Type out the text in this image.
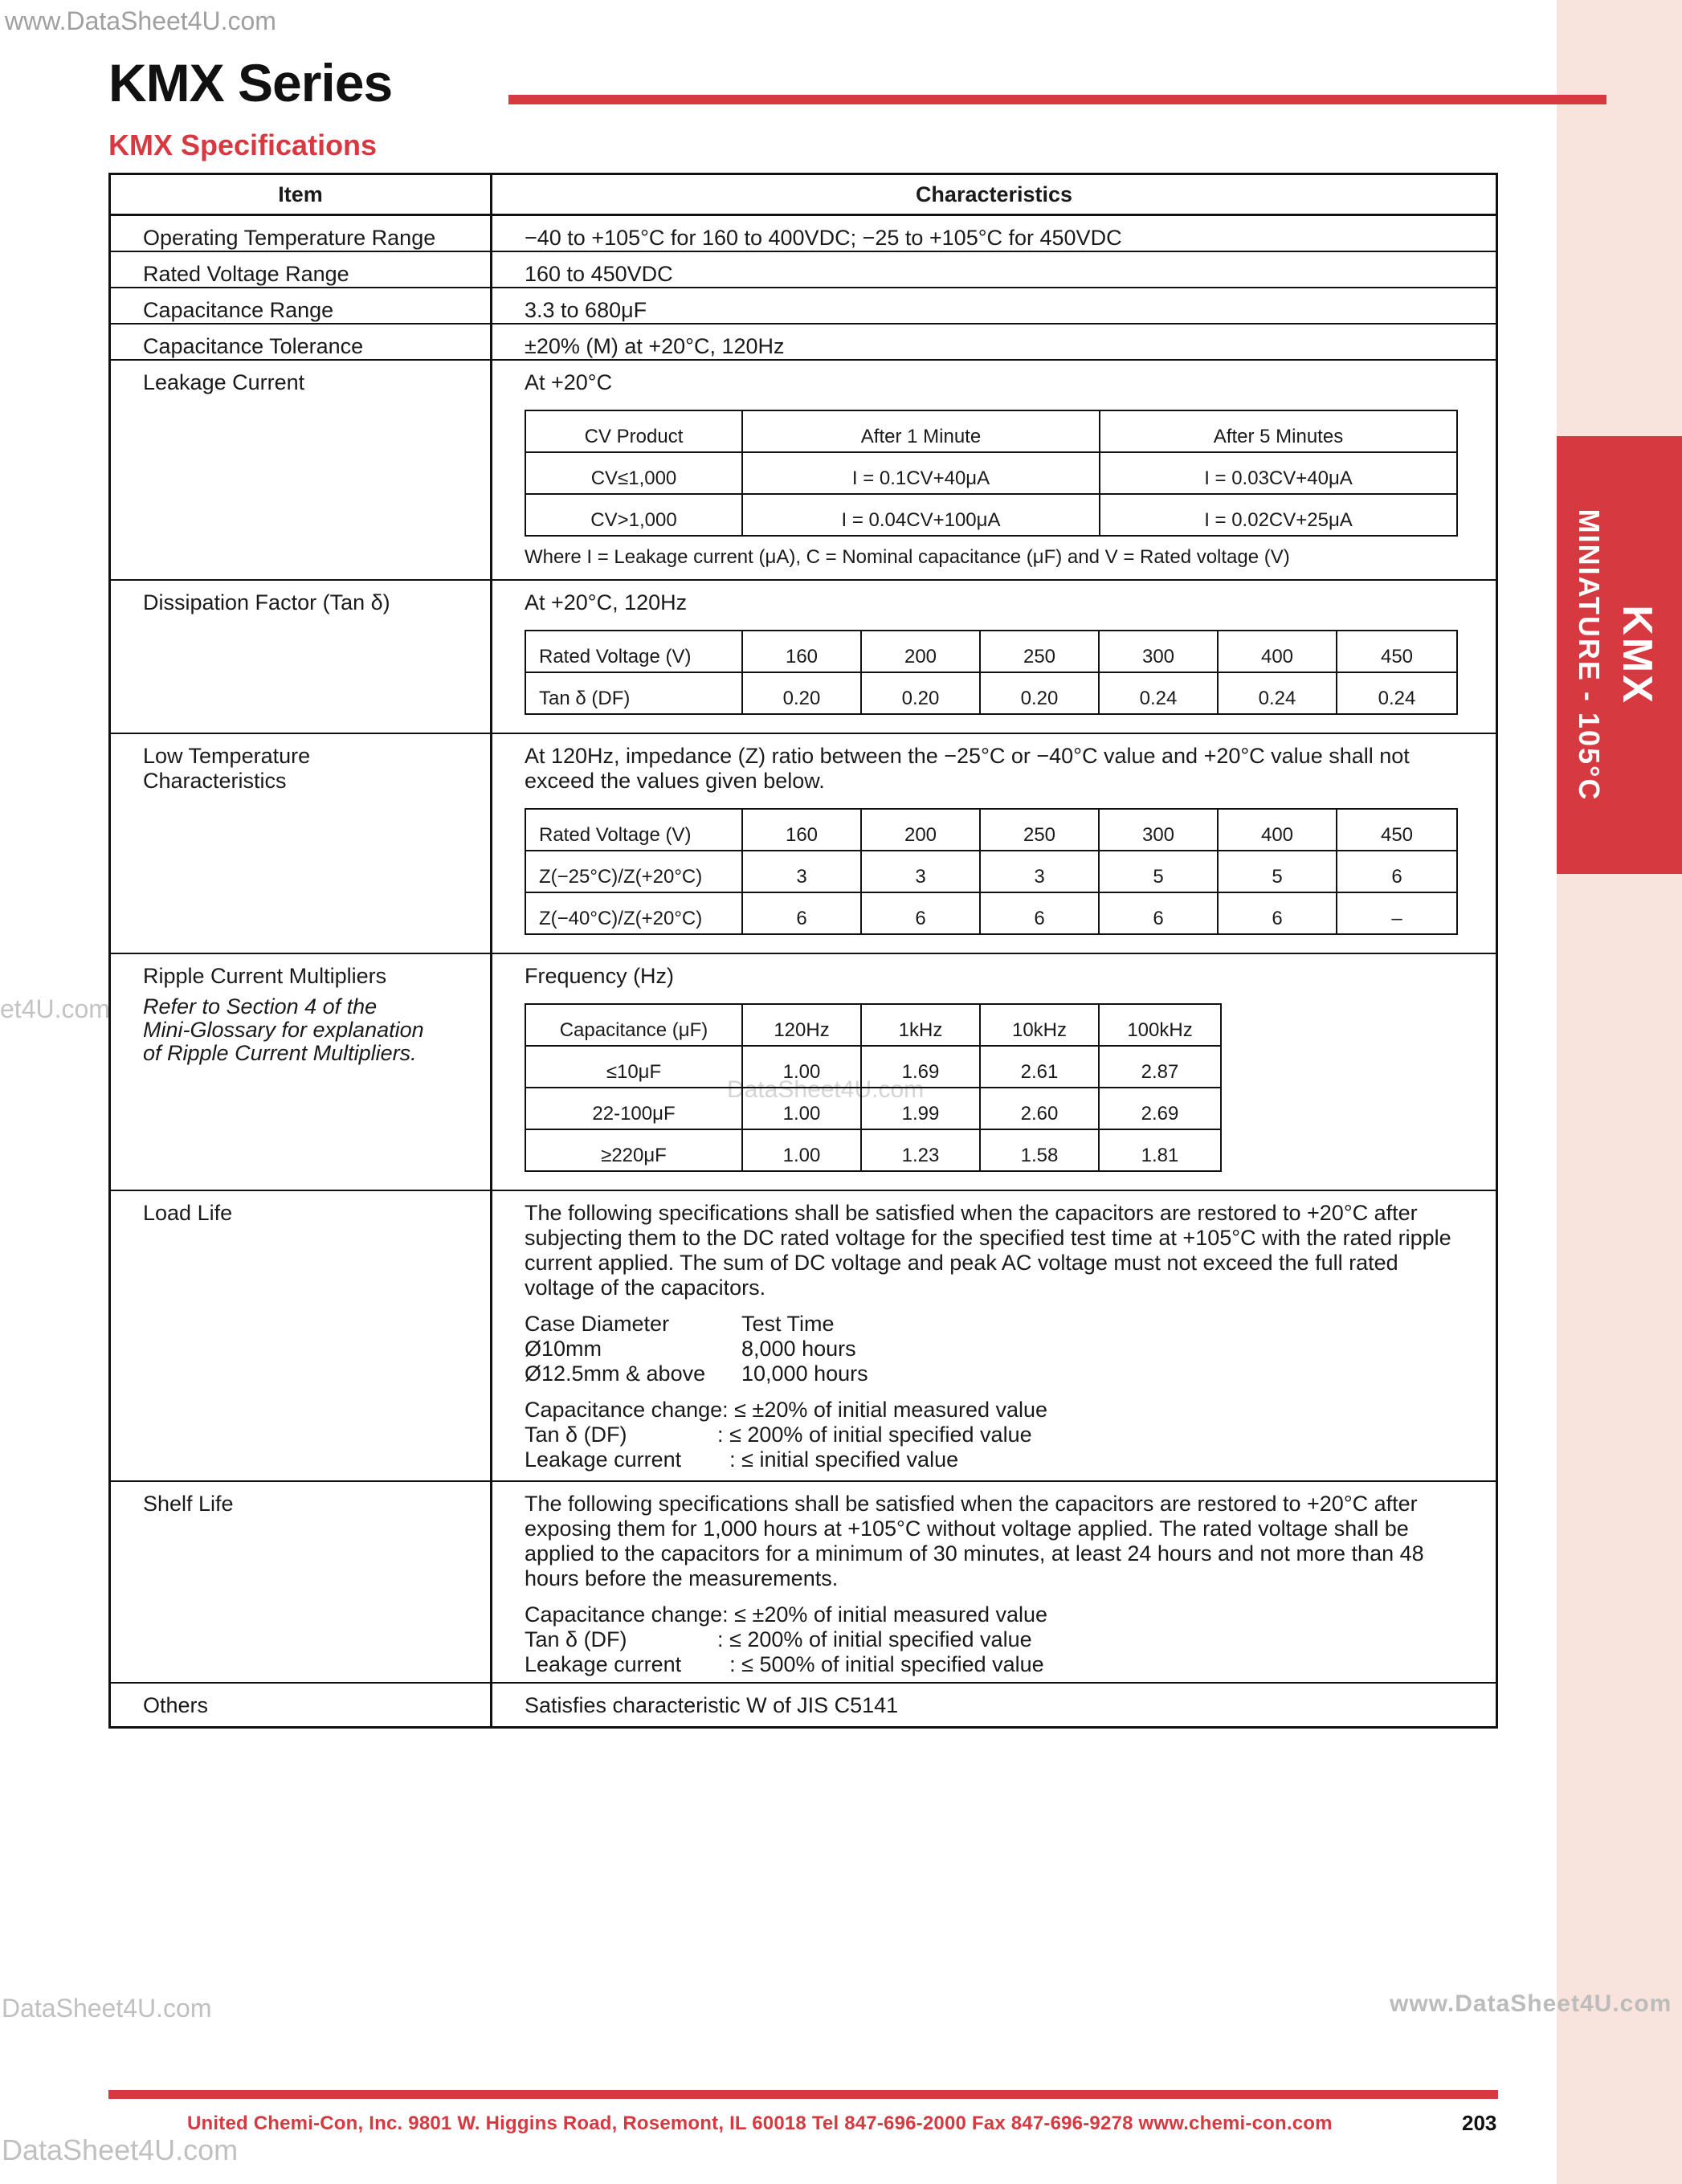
KMX
MINIATURE - 105°C
www.DataSheet4U.com
et4U.com
DataSheet4U.com
DataSheet4U.com	www.DataSheet4U.com
DataSheet4U.com
KMX Series
KMX Specifications
Item	Characteristics
Operating Temperature Range	−40 to +105°C for 160 to 400VDC; −25 to +105°C for 450VDC
Rated Voltage Range	160 to 450VDC
Capacitance Range	3.3 to 680μF
Capacitance Tolerance	±20% (M) at +20°C, 120Hz
Leakage Current	At +20°C
CV Product	After 1 Minute	After 5 Minutes
CV≤1,000	I = 0.1CV+40μA	I = 0.03CV+40μA
CV>1,000	I = 0.04CV+100μA	I = 0.02CV+25μA
Where I = Leakage current (μA), C = Nominal capacitance (μF) and V = Rated voltage (V)

Dissipation Factor (Tan δ)	At +20°C, 120Hz
Rated Voltage (V)	160	200	250	300	400	450
Tan δ (DF)	0.20	0.20	0.20	0.24	0.24	0.24

Low Temperature
Characteristics

At 120Hz, impedance (Z) ratio between the −25°C or −40°C value and +20°C value shall not exceed the values given below.
Rated Voltage (V)	160	200	250	300	400	450
Z(−25°C)/Z(+20°C)	3	3	3	5	5	6
Z(−40°C)/Z(+20°C)	6	6	6	6	6	–

Ripple Current Multipliers
Refer to Section 4 of the
Mini-Glossary for explanation
of Ripple Current Multipliers.

Frequency (Hz)
Capacitance (μF)	120Hz	1kHz	10kHz	100kHz
≤10μF	1.00	1.69	2.61	2.87
22-100μF	1.00	1.99	2.60	2.69
≥220μF	1.00	1.23	1.58	1.81

Load Life	The following specifications shall be satisfied when the capacitors are restored to +20°C after subjecting them to the DC rated voltage for the specified test time at +105°C with the rated ripple current applied. The sum of DC voltage and peak AC voltage must not exceed the full rated voltage of the capacitors.

Case Diameter	Test Time
Ø10mm	8,000 hours
Ø12.5mm & above	10,000 hours
Capacitance change: ≤ ±20% of initial measured value
Tan δ (DF)               : ≤ 200% of initial specified value
Leakage current        : ≤ initial specified value

Shelf Life	The following specifications shall be satisfied when the capacitors are restored to +20°C after exposing them for 1,000 hours at +105°C without voltage applied. The rated voltage shall be applied to the capacitors for a minimum of 30 minutes, at least 24 hours and not more than 48 hours before the measurements.

Capacitance change: ≤ ±20% of initial measured value
Tan δ (DF)               : ≤ 200% of initial specified value
Leakage current        : ≤ 500% of initial specified value

Others	Satisfies characteristic W of JIS C5141
United Chemi-Con, Inc. 9801 W. Higgins Road, Rosemont, IL 60018 Tel 847-696-2000 Fax 847-696-9278 www.chemi-con.com	203
